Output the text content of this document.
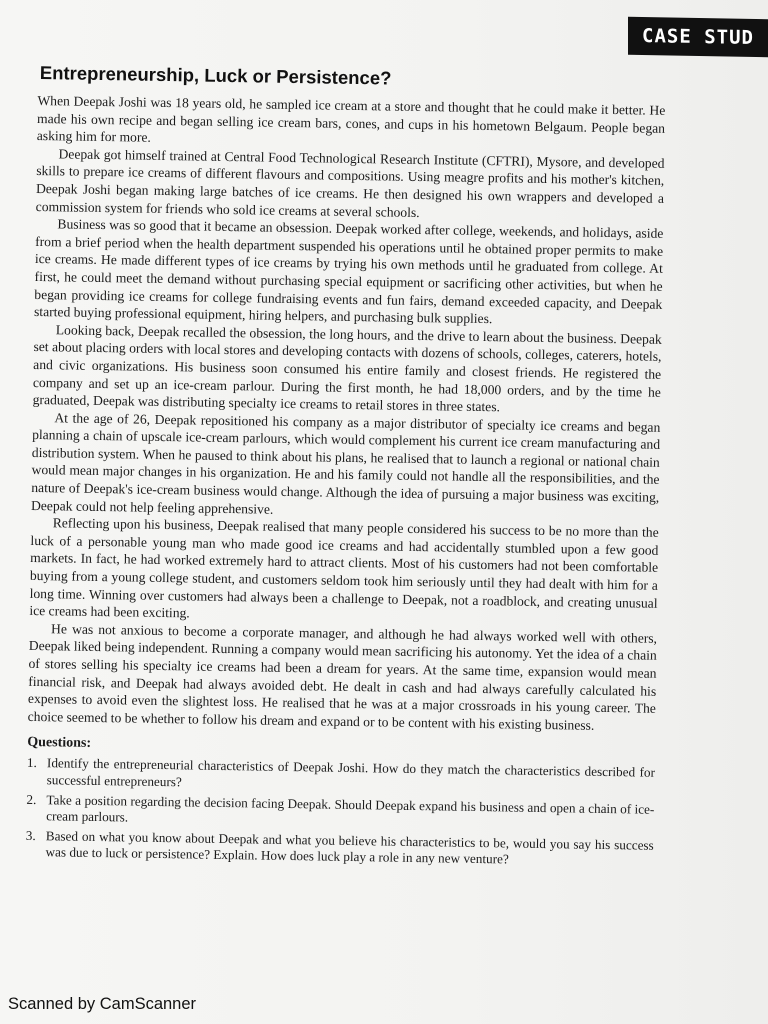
CASE STUD
Entrepreneurship, Luck or Persistence?

When Deepak Joshi was 18 years old, he sampled ice cream at a store and thought that he could make it better. He made his own recipe and began selling ice cream bars, cones, and cups in his hometown Belgaum. People began asking him for more.

Deepak got himself trained at Central Food Technological Research Institute (CFTRI), Mysore, and developed skills to prepare ice creams of different flavours and compositions. Using meagre profits and his mother's kitchen, Deepak Joshi began making large batches of ice creams. He then designed his own wrappers and developed a commission system for friends who sold ice creams at several schools.

Business was so good that it became an obsession. Deepak worked after college, weekends, and holidays, aside from a brief period when the health department suspended his operations until he obtained proper permits to make ice creams. He made different types of ice creams by trying his own methods until he graduated from college. At first, he could meet the demand without purchasing special equipment or sacrificing other activities, but when he began providing ice creams for college fundraising events and fun fairs, demand exceeded capacity, and Deepak started buying professional equipment, hiring helpers, and purchasing bulk supplies.

Looking back, Deepak recalled the obsession, the long hours, and the drive to learn about the business. Deepak set about placing orders with local stores and developing contacts with dozens of schools, colleges, caterers, hotels, and civic organizations. His business soon consumed his entire family and closest friends. He registered the company and set up an ice-cream parlour. During the first month, he had 18,000 orders, and by the time he graduated, Deepak was distributing specialty ice creams to retail stores in three states.

At the age of 26, Deepak repositioned his company as a major distributor of specialty ice creams and began planning a chain of upscale ice-cream parlours, which would complement his current ice cream manufacturing and distribution system. When he paused to think about his plans, he realised that to launch a regional or national chain would mean major changes in his organization. He and his family could not handle all the responsibilities, and the nature of Deepak's ice-cream business would change. Although the idea of pursuing a major business was exciting, Deepak could not help feeling apprehensive.

Reflecting upon his business, Deepak realised that many people considered his success to be no more than the luck of a personable young man who made good ice creams and had accidentally stumbled upon a few good markets. In fact, he had worked extremely hard to attract clients. Most of his customers had not been comfortable buying from a young college student, and customers seldom took him seriously until they had dealt with him for a long time. Winning over customers had always been a challenge to Deepak, not a roadblock, and creating unusual ice creams had been exciting.

He was not anxious to become a corporate manager, and although he had always worked well with others, Deepak liked being independent. Running a company would mean sacrificing his autonomy. Yet the idea of a chain of stores selling his specialty ice creams had been a dream for years. At the same time, expansion would mean financial risk, and Deepak had always avoided debt. He dealt in cash and had always carefully calculated his expenses to avoid even the slightest loss. He realised that he was at a major crossroads in his young career. The choice seemed to be whether to follow his dream and expand or to be content with his existing business.

Questions:
1. Identify the entrepreneurial characteristics of Deepak Joshi. How do they match the characteristics described for successful entrepreneurs?
2. Take a position regarding the decision facing Deepak. Should Deepak expand his business and open a chain of ice-cream parlours.
3. Based on what you know about Deepak and what you believe his characteristics to be, would you say his success was due to luck or persistence? Explain. How does luck play a role in any new venture?
Scanned by CamScanner
